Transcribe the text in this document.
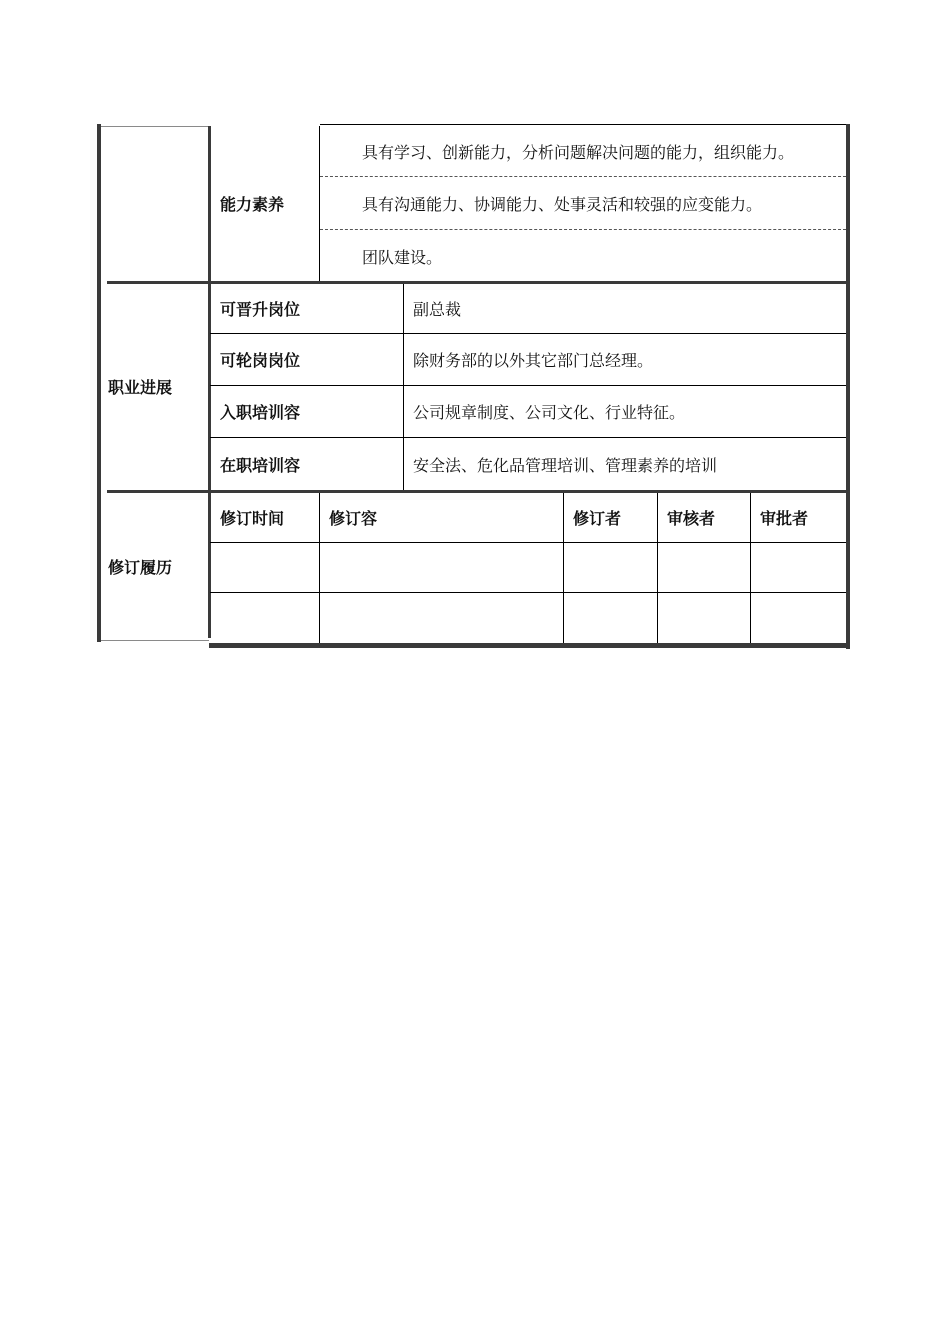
能力素养
具有学习、创新能力，分析问题解决问题的能力，组织能力。
具有沟通能力、协调能力、处事灵活和较强的应变能力。
团队建设。
职业进展
可晋升岗位	副总裁
可轮岗岗位	除财务部的以外其它部门总经理。
入职培训容	公司规章制度、公司文化、行业特征。
在职培训容	安全法、危化品管理培训、管理素养的培训
修订履历
修订时间	修订容	修订者	审核者	审批者
